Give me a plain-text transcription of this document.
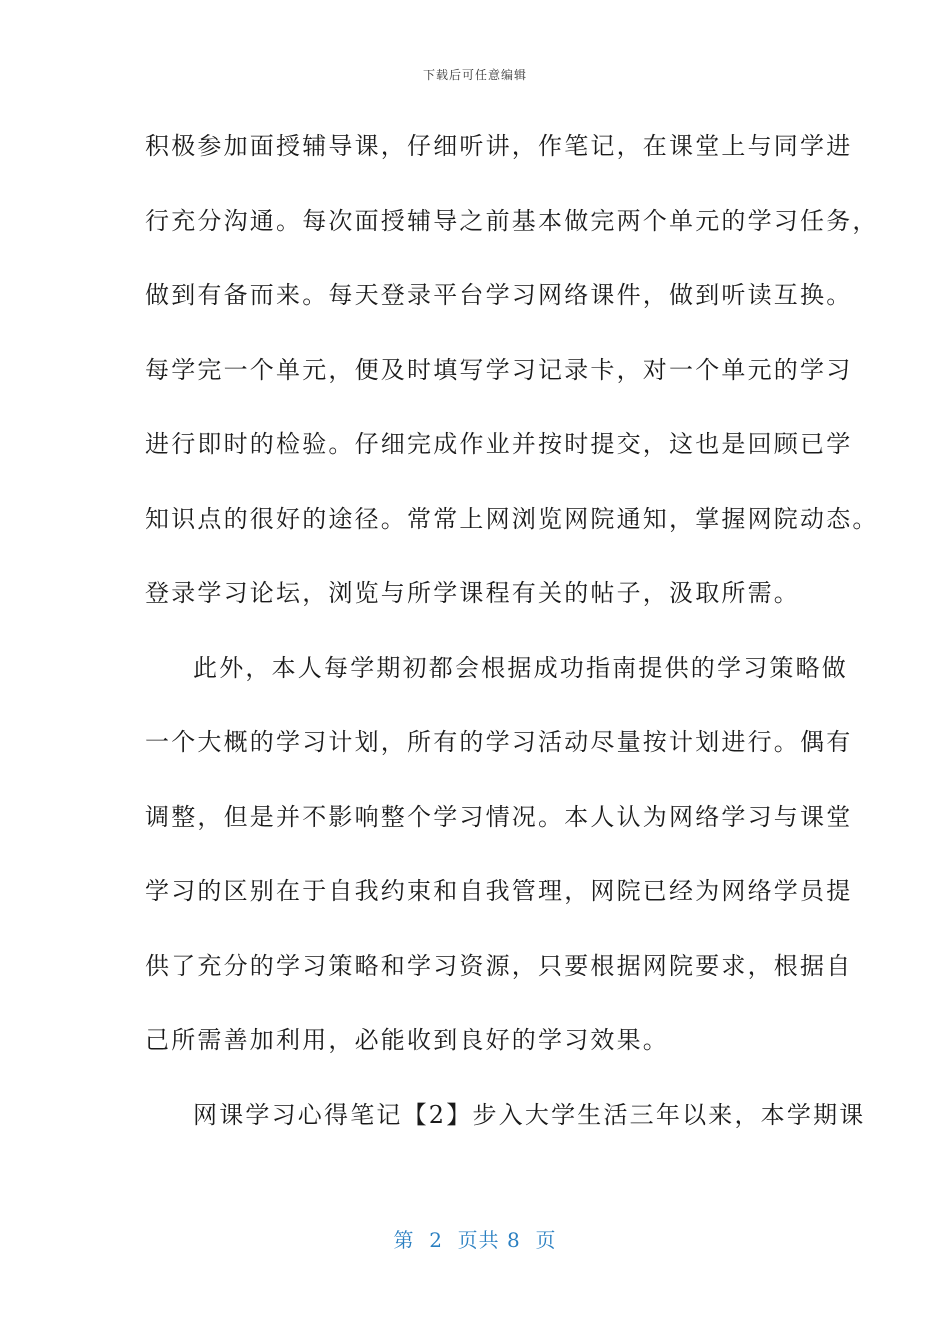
下载后可任意编辑
积极参加面授辅导课，仔细听讲，作笔记，在课堂上与同学进
行充分沟通。每次面授辅导之前基本做完两个单元的学习任务，
做到有备而来。每天登录平台学习网络课件，做到听读互换。
每学完一个单元，便及时填写学习记录卡，对一个单元的学习
进行即时的检验。仔细完成作业并按时提交，这也是回顾已学
知识点的很好的途径。常常上网浏览网院通知，掌握网院动态。
登录学习论坛，浏览与所学课程有关的帖子，汲取所需。
此外，本人每学期初都会根据成功指南提供的学习策略做
一个大概的学习计划，所有的学习活动尽量按计划进行。偶有
调整，但是并不影响整个学习情况。本人认为网络学习与课堂
学习的区别在于自我约束和自我管理，网院已经为网络学员提
供了充分的学习策略和学习资源，只要根据网院要求，根据自
己所需善加利用，必能收到良好的学习效果。
网课学习心得笔记【2】步入大学生活三年以来，本学期课
第  2  页共 8  页
